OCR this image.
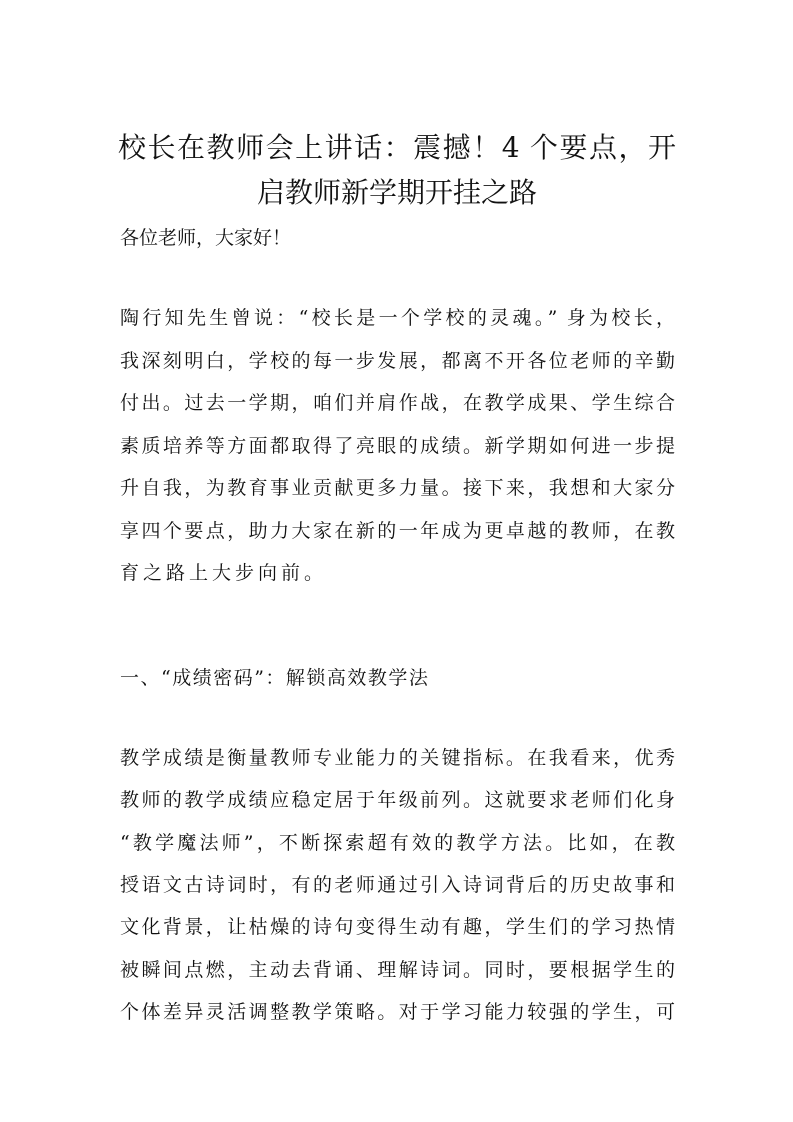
校长在教师会上讲话：震撼！4 个要点，开
启教师新学期开挂之路
各位老师，大家好！
陶行知先生曾说：“校长是一个学校的灵魂。” 身为校长，
我深刻明白，学校的每一步发展，都离不开各位老师的辛勤
付出。过去一学期，咱们并肩作战，在教学成果、学生综合
素质培养等方面都取得了亮眼的成绩。新学期如何进一步提
升自我，为教育事业贡献更多力量。接下来，我想和大家分
享四个要点，助力大家在新的一年成为更卓越的教师，在教
育之路上大步向前。
一、“成绩密码”：解锁高效教学法
教学成绩是衡量教师专业能力的关键指标。在我看来，优秀
教师的教学成绩应稳定居于年级前列。这就要求老师们化身
“教学魔法师”，不断探索超有效的教学方法。比如，在教
授语文古诗词时，有的老师通过引入诗词背后的历史故事和
文化背景，让枯燥的诗句变得生动有趣，学生们的学习热情
被瞬间点燃，主动去背诵、理解诗词。同时，要根据学生的
个体差异灵活调整教学策略。对于学习能力较强的学生，可
